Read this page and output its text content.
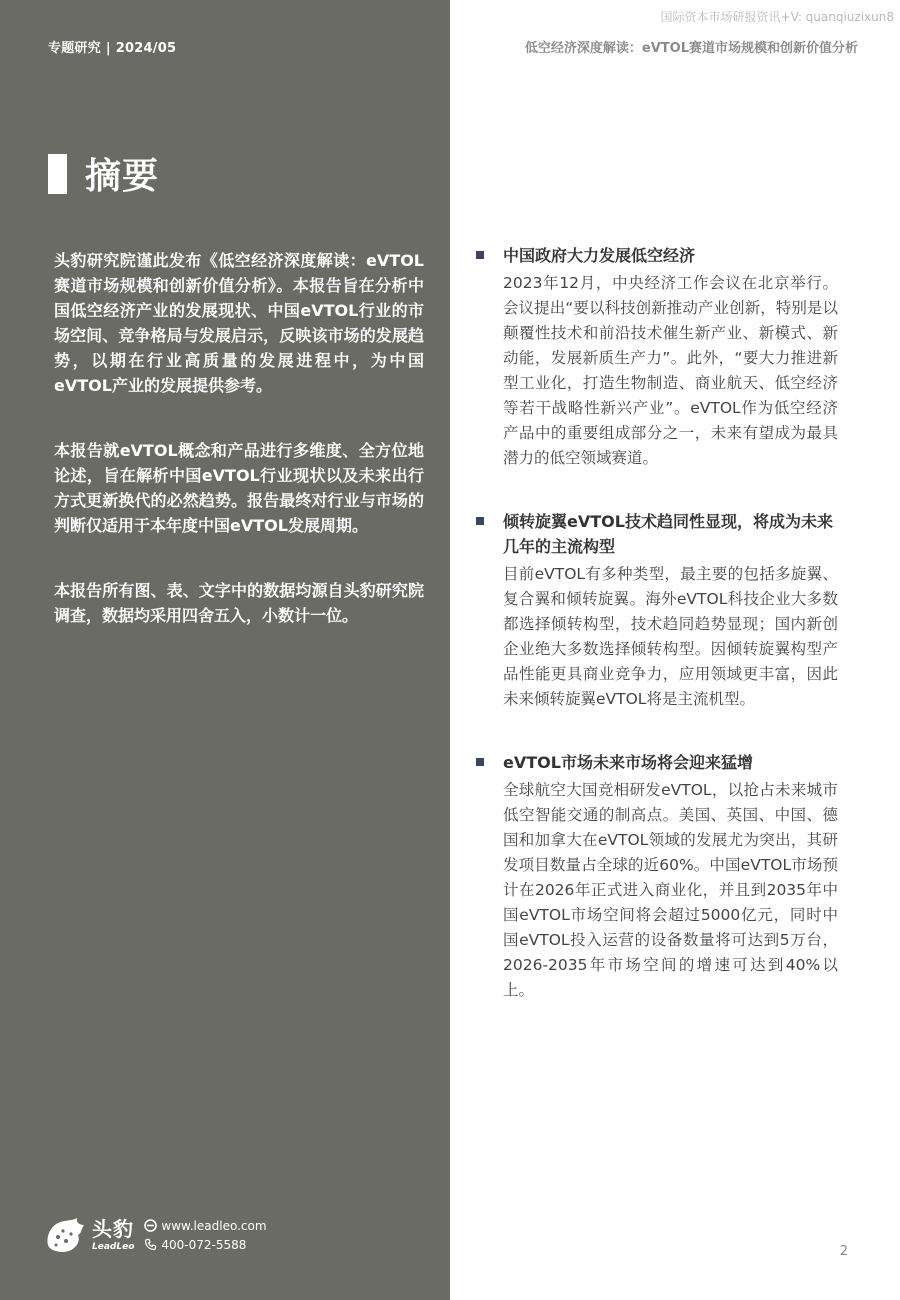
专题研究 | 2024/05
国际资本市场研报资讯+V: quanqiuzixun8
低空经济深度解读：eVTOL赛道市场规模和创新价值分析
摘要

头豹研究院谨此发布《低空经济深度解读：eVTOL赛道市场规模和创新价值分析》。本报告旨在分析中国低空经济产业的发展现状、中国eVTOL行业的市场空间、竞争格局与发展启示，反映该市场的发展趋势，以期在行业高质量的发展进程中，为中国eVTOL产业的发展提供参考。

本报告就eVTOL概念和产品进行多维度、全方位地论述，旨在解析中国eVTOL行业现状以及未来出行方式更新换代的必然趋势。报告最终对行业与市场的判断仅适用于本年度中国eVTOL发展周期。

本报告所有图、表、文字中的数据均源自头豹研究院调查，数据均采用四舍五入，小数计一位。

中国政府大力发展低空经济
2023年12月，中央经济工作会议在北京举行。会议提出“要以科技创新推动产业创新，特别是以颠覆性技术和前沿技术催生新产业、新模式、新动能，发展新质生产力”。此外，“要大力推进新型工业化，打造生物制造、商业航天、低空经济等若干战略性新兴产业”。eVTOL作为低空经济产品中的重要组成部分之一，未来有望成为最具潜力的低空领域赛道。
倾转旋翼eVTOL技术趋同性显现，将成为未来几年的主流构型
目前eVTOL有多种类型，最主要的包括多旋翼、复合翼和倾转旋翼。海外eVTOL科技企业大多数都选择倾转构型，技术趋同趋势显现；国内新创企业绝大多数选择倾转构型。因倾转旋翼构型产品性能更具商业竞争力，应用领域更丰富，因此未来倾转旋翼eVTOL将是主流机型。
eVTOL市场未来市场将会迎来猛增
全球航空大国竞相研发eVTOL，以抢占未来城市低空智能交通的制高点。美国、英国、中国、德国和加拿大在eVTOL领域的发展尤为突出，其研发项目数量占全球的近60%。中国eVTOL市场预计在2026年正式进入商业化，并且到2035年中国eVTOL市场空间将会超过5000亿元，同时中国eVTOL投入运营的设备数量将可达到5万台，2026-2035年市场空间的增速可达到40%以上。
头豹
LeadLeo
www.leadleo.com
400-072-5588	2
